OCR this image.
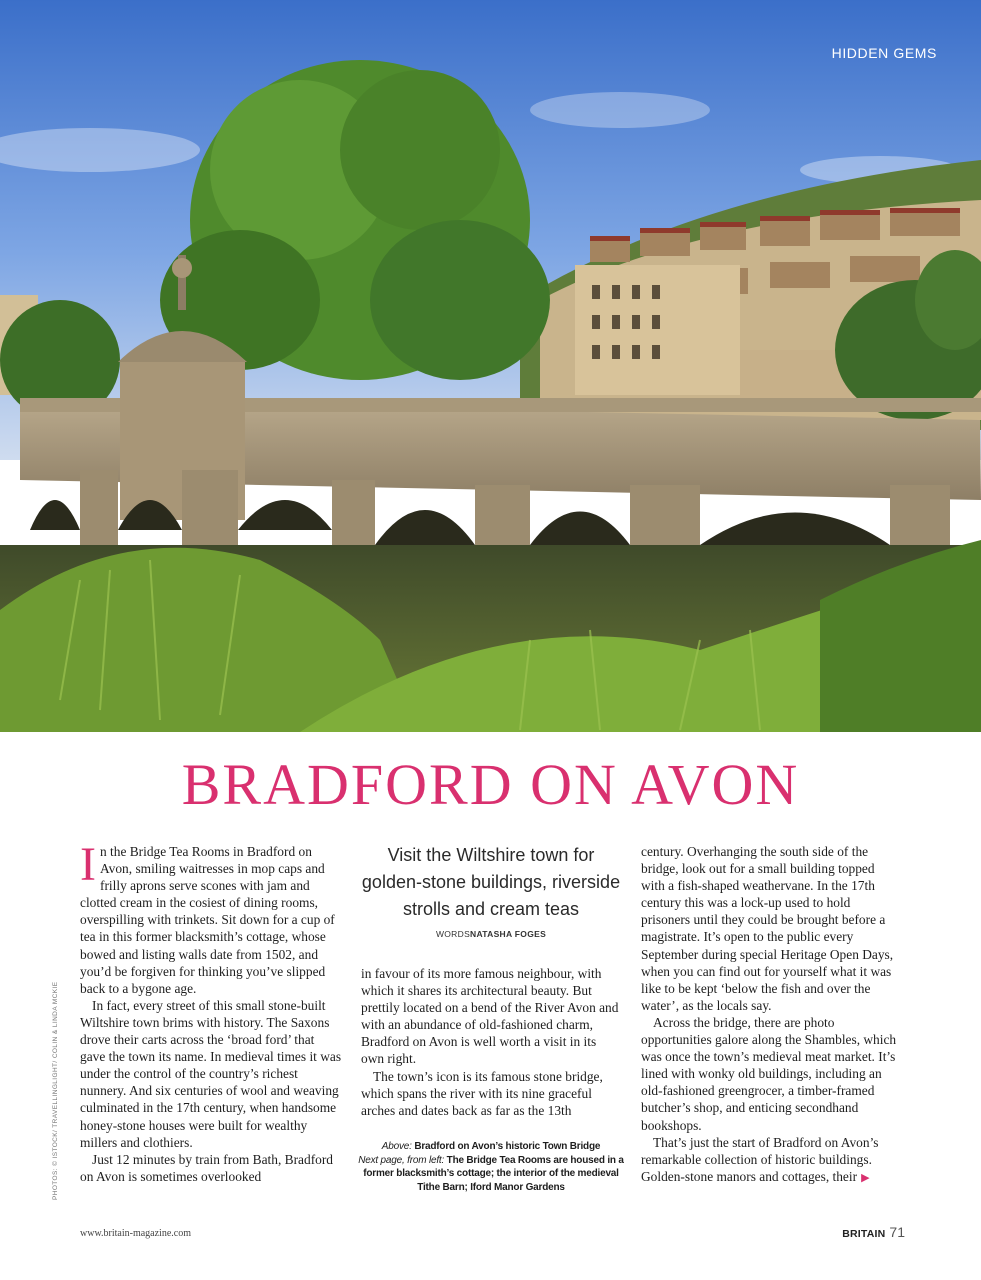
HIDDEN GEMS
BRADFORD ON AVON

In the Bridge Tea Rooms in Bradford on Avon, smiling waitresses in mop caps and frilly aprons serve scones with jam and clotted cream in the cosiest of dining rooms, overspilling with trinkets. Sit down for a cup of tea in this former blacksmith’s cottage, whose bowed and listing walls date from 1502, and you’d be forgiven for thinking you’ve slipped back to a bygone age.

In fact, every street of this small stone-built Wiltshire town brims with history. The Saxons drove their carts across the ‘broad ford’ that gave the town its name. In medieval times it was under the control of the country’s richest nunnery. And six centuries of wool and weaving culminated in the 17th century, when handsome honey-stone houses were built for wealthy millers and clothiers.

Just 12 minutes by train from Bath, Bradford on Avon is sometimes overlooked

PHOTOS: © ISTOCK/ TRAVELLINGLIGHT/ COLIN & LINDA MCKIE
Visit the Wiltshire town for golden-stone buildings, riverside strolls and cream teas
WORDSNATASHA FOGES

in favour of its more famous neighbour, with which it shares its architectural beauty. But prettily located on a bend of the River Avon and with an abundance of old-fashioned charm, Bradford on Avon is well worth a visit in its own right.

The town’s icon is its famous stone bridge, which spans the river with its nine graceful arches and dates back as far as the 13th

Above: Bradford on Avon’s historic Town Bridge
Next page, from left: The Bridge Tea Rooms are housed in a former blacksmith’s cottage; the interior of the medieval Tithe Barn; Iford Manor Gardens

century. Overhanging the south side of the bridge, look out for a small building topped with a fish-shaped weathervane. In the 17th century this was a lock-up used to hold prisoners until they could be brought before a magistrate. It’s open to the public every September during special Heritage Open Days, when you can find out for yourself what it was like to be kept ‘below the fish and over the water’, as the locals say.

Across the bridge, there are photo opportunities galore along the Shambles, which was once the town’s medieval meat market. It’s lined with wonky old buildings, including an old-fashioned greengrocer, a timber-framed butcher’s shop, and enticing secondhand bookshops.

That’s just the start of Bradford on Avon’s remarkable collection of historic buildings. Golden-stone manors and cottages, their ▶

www.britain-magazine.com	BRITAIN 71
